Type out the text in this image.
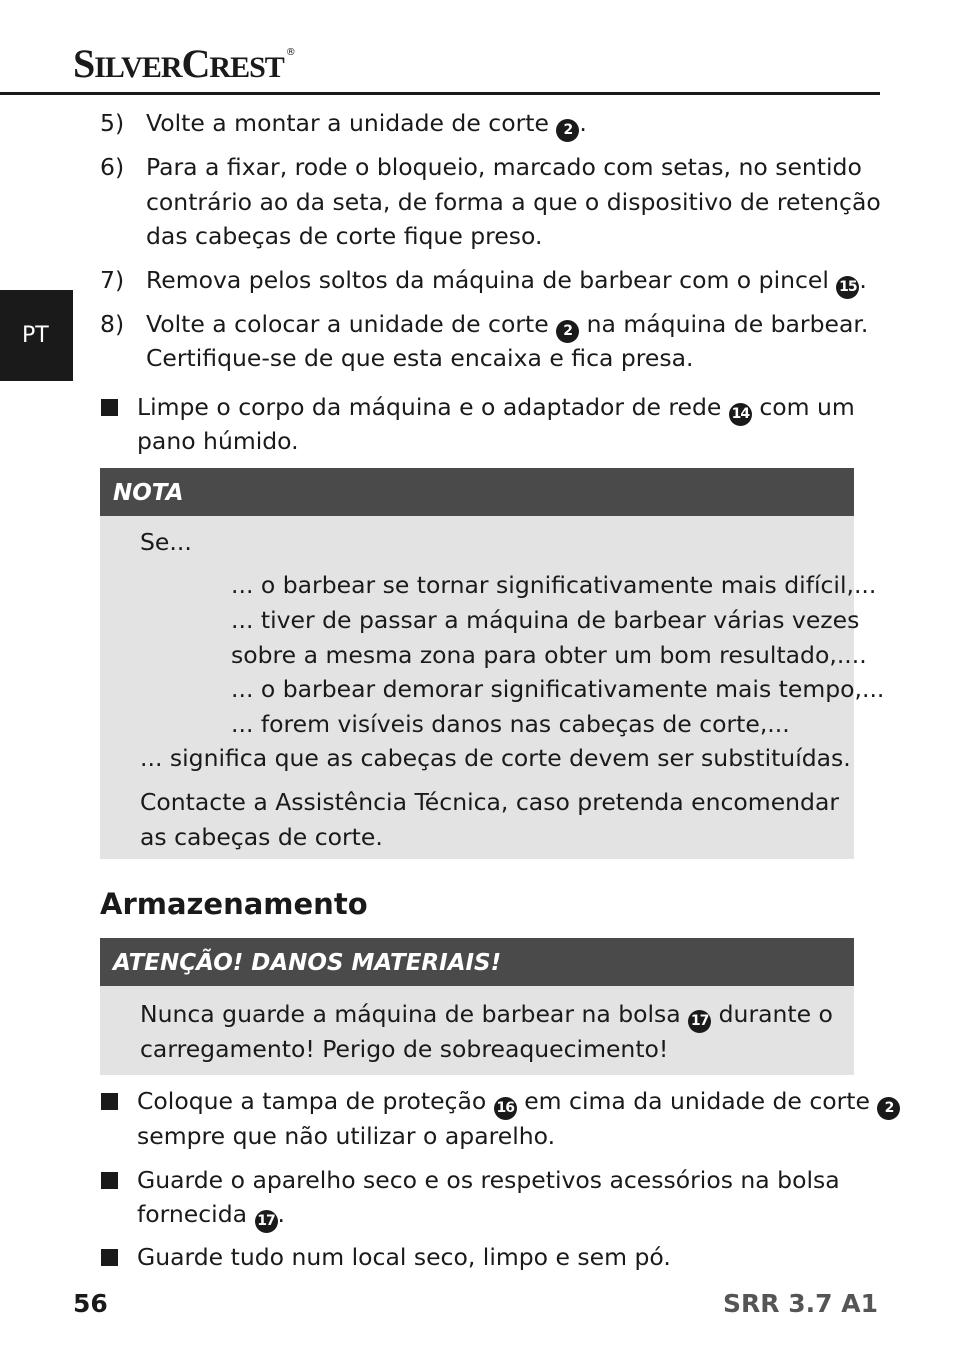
SILVERCREST ®
PT
5) Volte a montar a unidade de corte 2 .

6) Para a fixar, rode o bloqueio, marcado com setas, no sentido

contrário ao da seta, de forma a que o dispositivo de retenção

das cabeças de corte fique preso.

7) Remova pelos soltos da máquina de barbear com o pincel 15 .

8) Volte a colocar a unidade de corte 2 na máquina de barbear.

Certifique-se de que esta encaixa e fica presa.

Limpe o corpo da máquina e o adaptador de rede 14 com um

pano húmido.

NOTA

Se...

... o barbear se tornar significativamente mais difícil,...

... tiver de passar a máquina de barbear várias vezes

sobre a mesma zona para obter um bom resultado,....

... o barbear demorar significativamente mais tempo,...

... forem visíveis danos nas cabeças de corte,...

... significa que as cabeças de corte devem ser substituídas.

Contacte a Assistência Técnica, caso pretenda encomendar

as cabeças de corte.

Armazenamento
ATENÇÃO! DANOS MATERIAIS!

Nunca guarde a máquina de barbear na bolsa 17 durante o

carregamento! Perigo de sobreaquecimento!

Coloque a tampa de proteção 16 em cima da unidade de corte 2

sempre que não utilizar o aparelho.

Guarde o aparelho seco e os respetivos acessórios na bolsa

fornecida 17 .

Guarde tudo num local seco, limpo e sem pó.

56	SRR 3.7 A1
